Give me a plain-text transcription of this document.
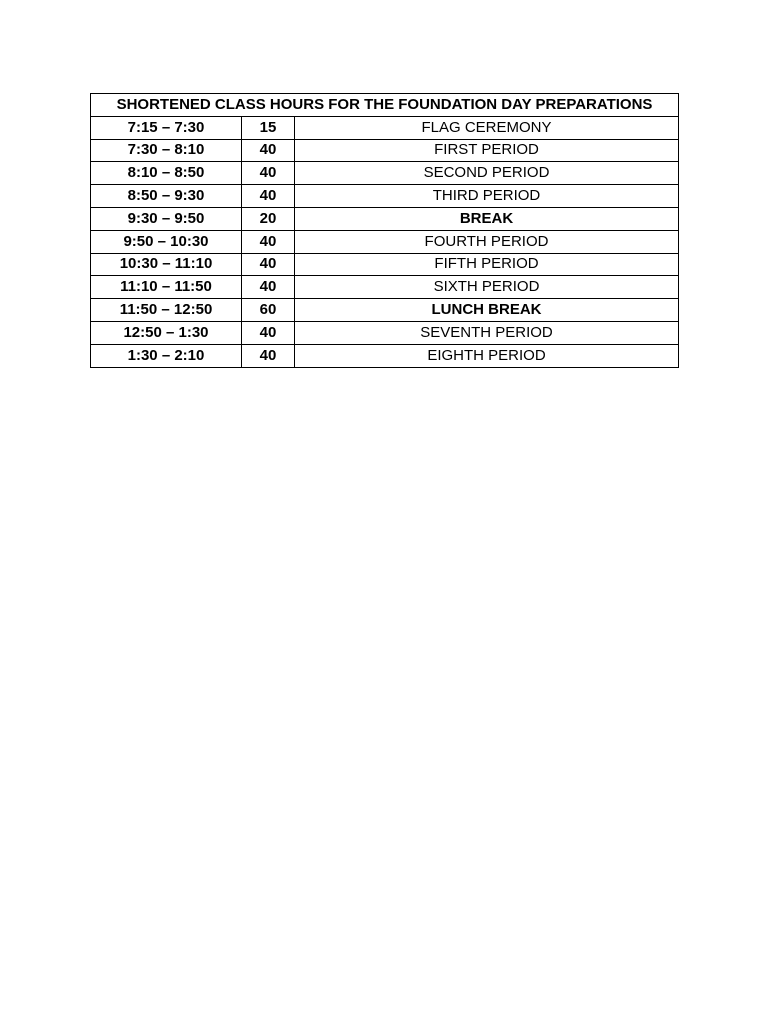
SHORTENED CLASS HOURS FOR THE FOUNDATION DAY PREPARATIONS		
7:15 – 7:30	15	FLAG CEREMONY
7:30 – 8:10	40	FIRST PERIOD
8:10 – 8:50	40	SECOND PERIOD
8:50 – 9:30	40	THIRD PERIOD
9:30 – 9:50	20	BREAK
9:50 – 10:30	40	FOURTH PERIOD
10:30 – 11:10	40	FIFTH PERIOD
11:10 – 11:50	40	SIXTH PERIOD
11:50 – 12:50	60	LUNCH BREAK
12:50 – 1:30	40	SEVENTH PERIOD
1:30 – 2:10	40	EIGHTH PERIOD
